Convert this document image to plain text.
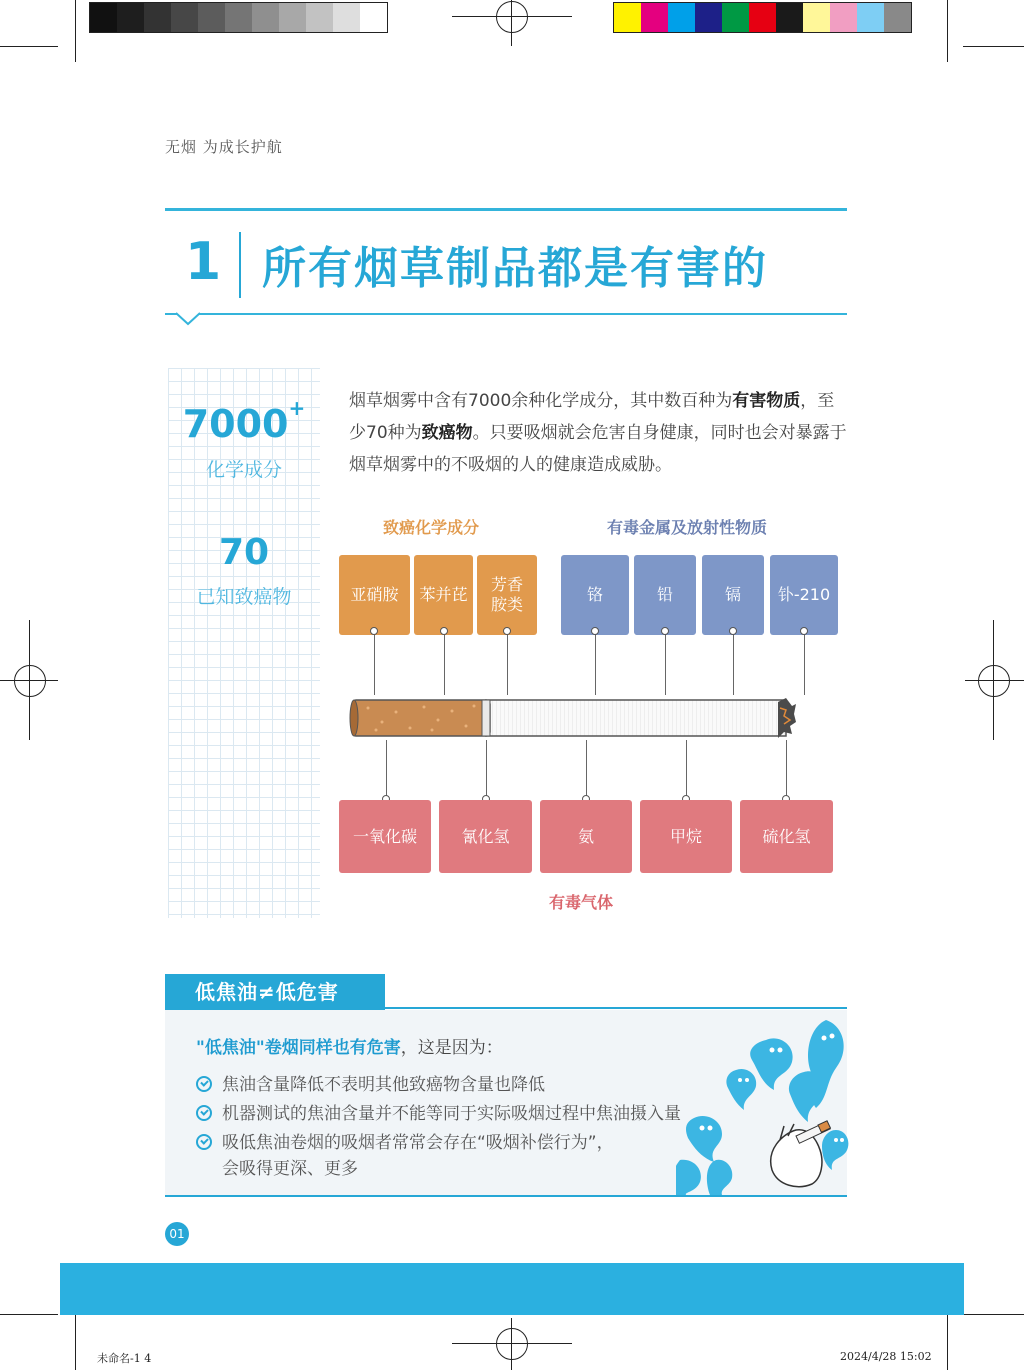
无烟 为成长护航
1 所有烟草制品都是有害的
7000+
化学成分
70
已知致癌物
烟草烟雾中含有7000余种化学成分，其中数百种为有害物质，至少70种为致癌物。只要吸烟就会危害自身健康，同时也会对暴露于烟草烟雾中的不吸烟的人的健康造成威胁。
致癌化学成分	有毒金属及放射性物质
亚硝胺	苯并芘
芳香
胺类
铬	铅	镉	钋-210
一氧化碳	氰化氢	氨	甲烷	硫化氢
有毒气体
低焦油≠低危害
"低焦油"卷烟同样也有危害，这是因为：
焦油含量降低不表明其他致癌物含量也降低
机器测试的焦油含量并不能等同于实际吸烟过程中焦油摄入量
吸低焦油卷烟的吸烟者常常会存在“吸烟补偿行为”，
会吸得更深、更多
01
未命名-1 4	2024/4/28 15:02
